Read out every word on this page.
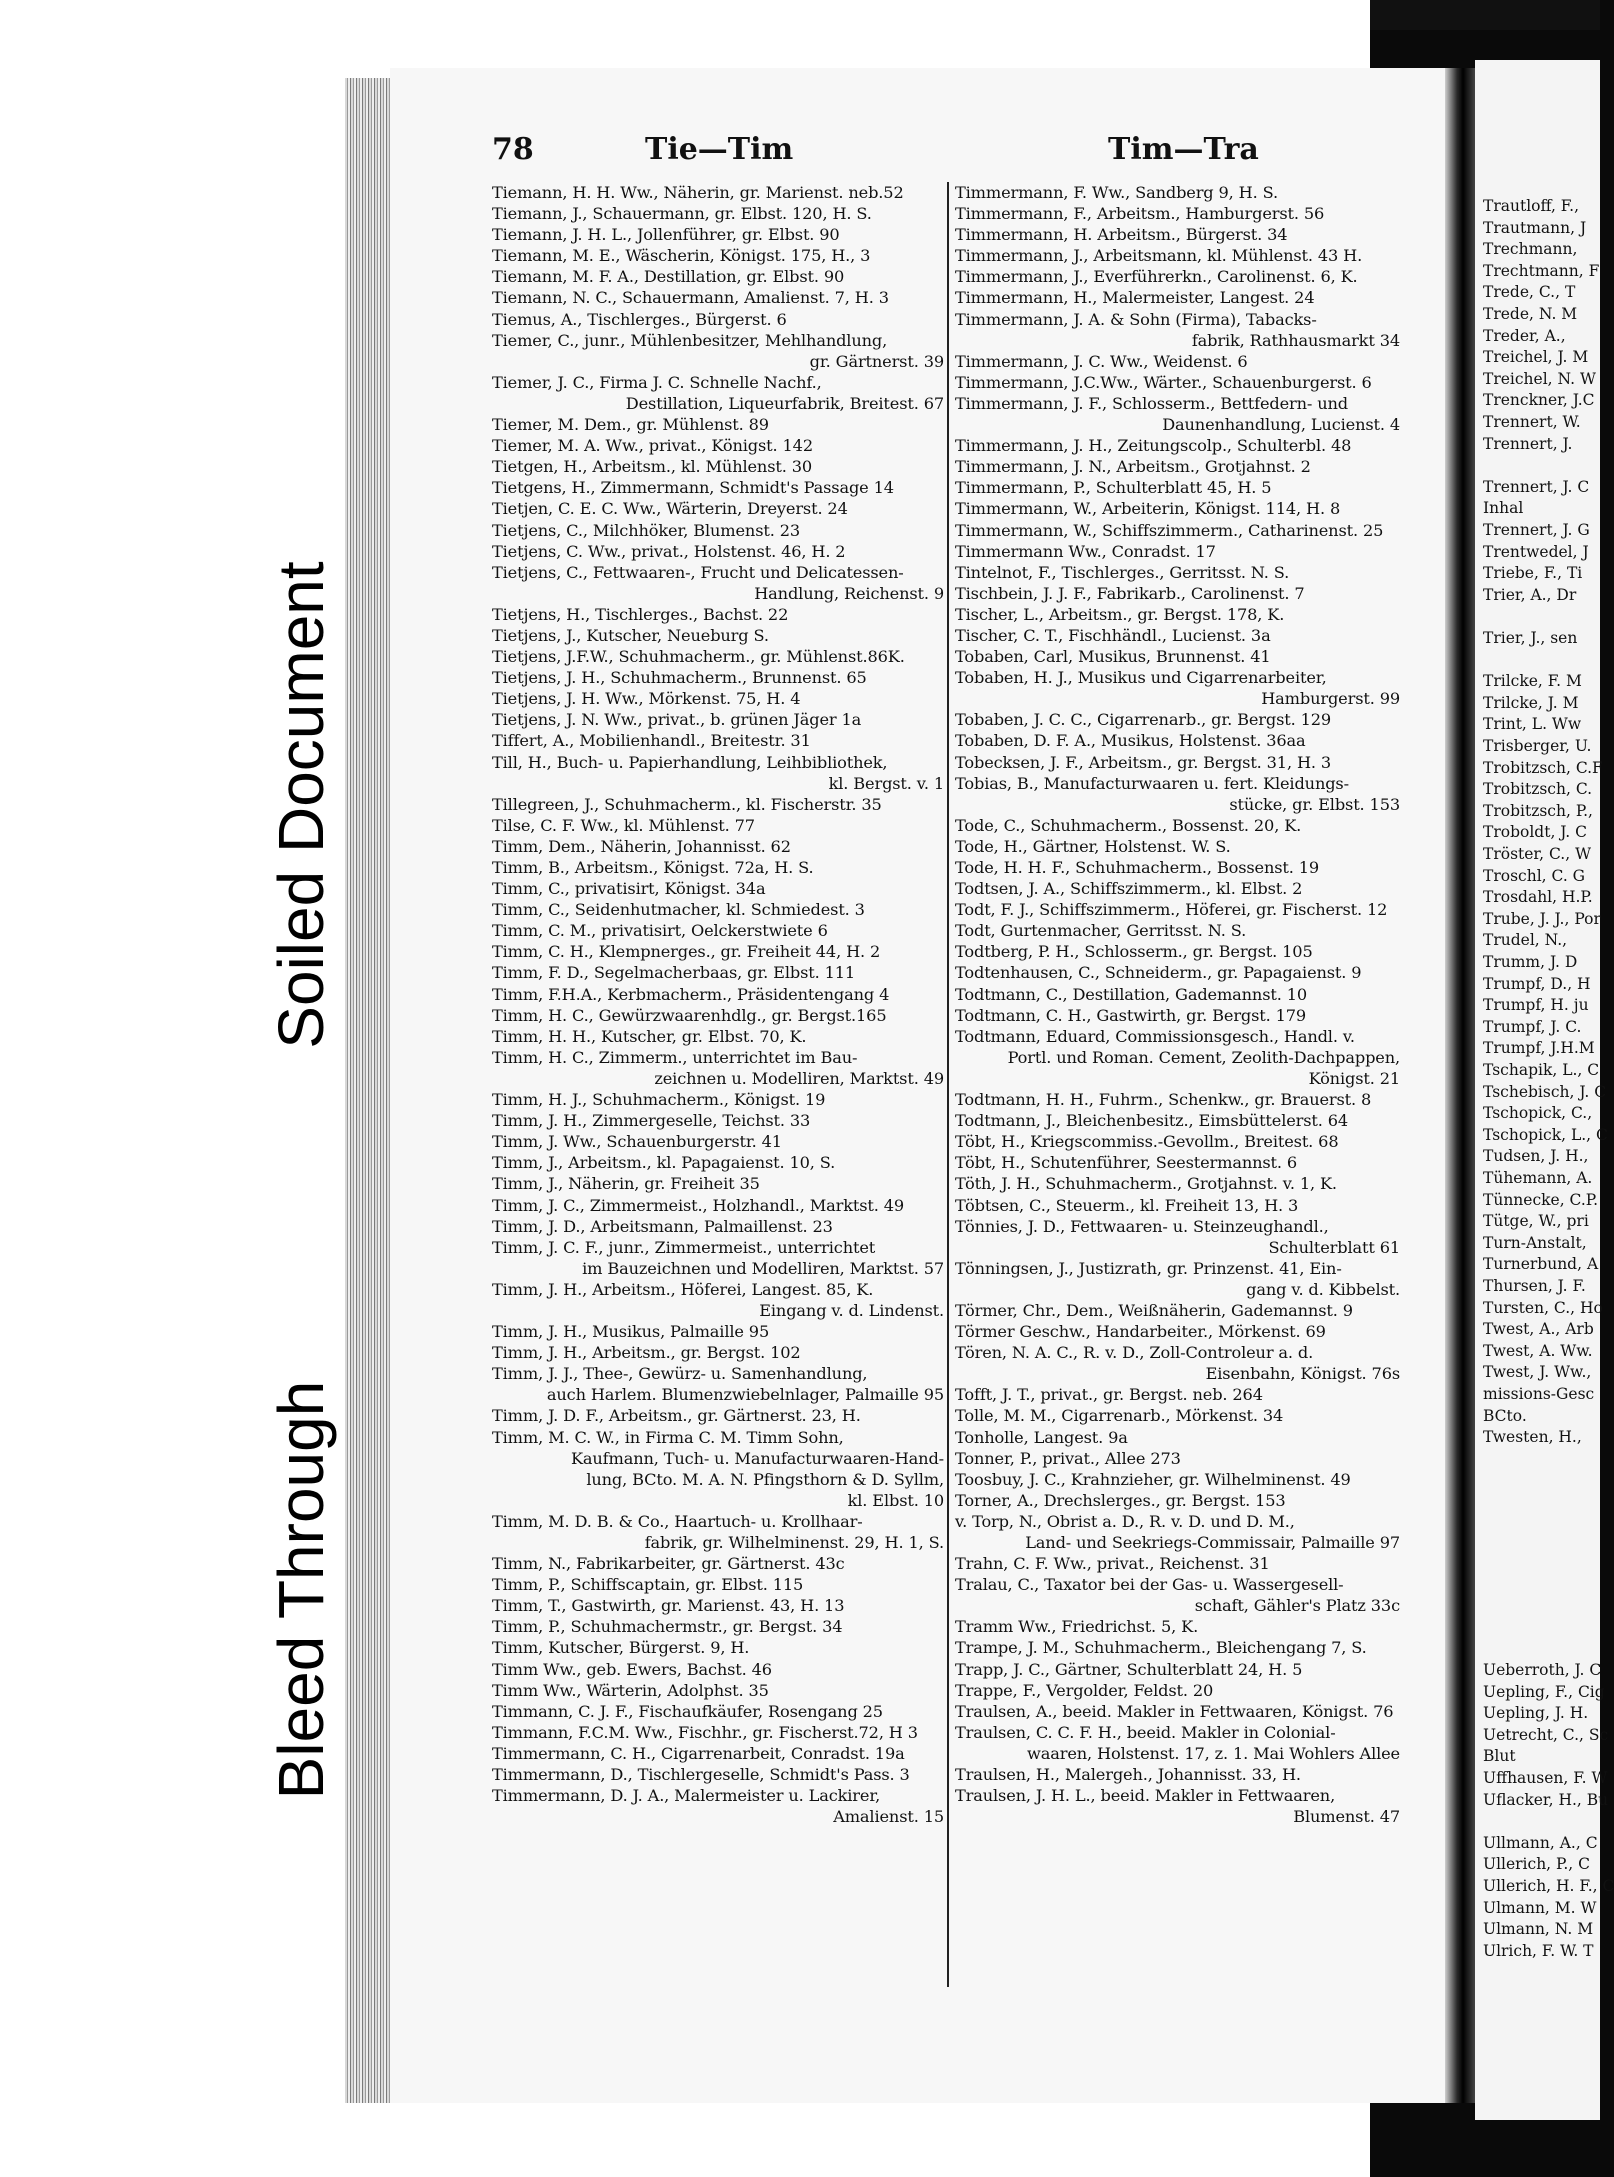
Soiled Document
Bleed Through
Trautloff, F.,
Trautmann, J
Trechmann,
Trechtmann, F
Trede, C., T
Trede, N. M
Treder, A.,
Treichel, J. M
Treichel, N. W
Trenckner, J.C
Trennert, W.
Trennert, J.
Trennert, J. C
Inhal
Trennert, J. G
Trentwedel, J
Triebe, F., Ti
Trier, A., Dr
Trier, J., sen
Trilcke, F. M
Trilcke, J. M
Trint, L. Ww
Trisberger, U.
Trobitzsch, C.F
Trobitzsch, C.
Trobitzsch, P.,
Troboldt, J. C
Tröster, C., W
Troschl, C. G
Trosdahl, H.P.
Trube, J. J., Por
Trudel, N.,
Trumm, J. D
Trumpf, D., H
Trumpf, H. ju
Trumpf, J. C.
Trumpf, J.H.M
Tschapik, L., C
Tschebisch, J. C
Tschopick, C.,
Tschopick, L., C
Tudsen, J. H.,
Tühemann, A.
Tünnecke, C.P.
Tütge, W., pri
Turn-Anstalt,
Turnerbund, A
Thursen, J. F.
Tursten, C., Ho
Twest, A., Arb
Twest, A. Ww.
Twest, J. Ww.,
missions-Gesc
BCto.
Twesten, H.,
Ueberroth, J. C
Uepling, F., Cig
Uepling, J. H.
Uetrecht, C., Sc
Blut
Uffhausen, F. W
Uflacker, H., Bu
Ullmann, A., C
Ullerich, P., C
Ullerich, H. F., C
Ulmann, M. W
Ulmann, N. M
Ulrich, F. W. T
78	Tie—Tim	Tim—Tra
Tiemann, H. H. Ww., Näherin, gr. Marienst. neb.52
Tiemann, J., Schauermann, gr. Elbst. 120, H. S.
Tiemann, J. H. L., Jollenführer, gr. Elbst. 90
Tiemann, M. E., Wäscherin, Königst. 175, H., 3
Tiemann, M. F. A., Destillation, gr. Elbst. 90
Tiemann, N. C., Schauermann, Amalienst. 7, H. 3
Tiemus, A., Tischlerges., Bürgerst. 6
Tiemer, C., junr., Mühlenbesitzer, Mehlhandlung,
gr. Gärtnerst. 39
Tiemer, J. C., Firma J. C. Schnelle Nachf.,
Destillation, Liqueurfabrik, Breitest. 67
Tiemer, M. Dem., gr. Mühlenst. 89
Tiemer, M. A. Ww., privat., Königst. 142
Tietgen, H., Arbeitsm., kl. Mühlenst. 30
Tietgens, H., Zimmermann, Schmidt's Passage 14
Tietjen, C. E. C. Ww., Wärterin, Dreyerst. 24
Tietjens, C., Milchhöker, Blumenst. 23
Tietjens, C. Ww., privat., Holstenst. 46, H. 2
Tietjens, C., Fettwaaren-, Frucht und Delicatessen-
Handlung, Reichenst. 9
Tietjens, H., Tischlerges., Bachst. 22
Tietjens, J., Kutscher, Neueburg S.
Tietjens, J.F.W., Schuhmacherm., gr. Mühlenst.86K.
Tietjens, J. H., Schuhmacherm., Brunnenst. 65
Tietjens, J. H. Ww., Mörkenst. 75, H. 4
Tietjens, J. N. Ww., privat., b. grünen Jäger 1a
Tiffert, A., Mobilienhandl., Breitestr. 31
Till, H., Buch- u. Papierhandlung, Leihbibliothek,
kl. Bergst. v. 1
Tillegreen, J., Schuhmacherm., kl. Fischerstr. 35
Tilse, C. F. Ww., kl. Mühlenst. 77
Timm, Dem., Näherin, Johannisst. 62
Timm, B., Arbeitsm., Königst. 72a, H. S.
Timm, C., privatisirt, Königst. 34a
Timm, C., Seidenhutmacher, kl. Schmiedest. 3
Timm, C. M., privatisirt, Oelckerstwiete 6
Timm, C. H., Klempnerges., gr. Freiheit 44, H. 2
Timm, F. D., Segelmacherbaas, gr. Elbst. 111
Timm, F.H.A., Kerbmacherm., Präsidentengang 4
Timm, H. C., Gewürzwaarenhdlg., gr. Bergst.165
Timm, H. H., Kutscher, gr. Elbst. 70, K.
Timm, H. C., Zimmerm., unterrichtet im Bau-
zeichnen u. Modelliren, Marktst. 49
Timm, H. J., Schuhmacherm., Königst. 19
Timm, J. H., Zimmergeselle, Teichst. 33
Timm, J. Ww., Schauenburgerstr. 41
Timm, J., Arbeitsm., kl. Papagaienst. 10, S.
Timm, J., Näherin, gr. Freiheit 35
Timm, J. C., Zimmermeist., Holzhandl., Marktst. 49
Timm, J. D., Arbeitsmann, Palmaillenst. 23
Timm, J. C. F., junr., Zimmermeist., unterrichtet
im Bauzeichnen und Modelliren, Marktst. 57
Timm, J. H., Arbeitsm., Höferei, Langest. 85, K.
Eingang v. d. Lindenst.
Timm, J. H., Musikus, Palmaille 95
Timm, J. H., Arbeitsm., gr. Bergst. 102
Timm, J. J., Thee-, Gewürz- u. Samenhandlung,
auch Harlem. Blumenzwiebelnlager, Palmaille 95
Timm, J. D. F., Arbeitsm., gr. Gärtnerst. 23, H.
Timm, M. C. W., in Firma C. M. Timm Sohn,
Kaufmann, Tuch- u. Manufacturwaaren-Hand-
lung, BCto. M. A. N. Pfingsthorn & D. Syllm,
kl. Elbst. 10
Timm, M. D. B. & Co., Haartuch- u. Krollhaar-
fabrik, gr. Wilhelminenst. 29, H. 1, S.
Timm, N., Fabrikarbeiter, gr. Gärtnerst. 43c
Timm, P., Schiffscaptain, gr. Elbst. 115
Timm, T., Gastwirth, gr. Marienst. 43, H. 13
Timm, P., Schuhmachermstr., gr. Bergst. 34
Timm, Kutscher, Bürgerst. 9, H.
Timm Ww., geb. Ewers, Bachst. 46
Timm Ww., Wärterin, Adolphst. 35
Timmann, C. J. F., Fischaufkäufer, Rosengang 25
Timmann, F.C.M. Ww., Fischhr., gr. Fischerst.72, H 3
Timmermann, C. H., Cigarrenarbeit, Conradst. 19a
Timmermann, D., Tischlergeselle, Schmidt's Pass. 3
Timmermann, D. J. A., Malermeister u. Lackirer,
Amalienst. 15
Timmermann, F. Ww., Sandberg 9, H. S.
Timmermann, F., Arbeitsm., Hamburgerst. 56
Timmermann, H. Arbeitsm., Bürgerst. 34
Timmermann, J., Arbeitsmann, kl. Mühlenst. 43 H.
Timmermann, J., Everführerkn., Carolinenst. 6, K.
Timmermann, H., Malermeister, Langest. 24
Timmermann, J. A. & Sohn (Firma), Tabacks-
fabrik, Rathhausmarkt 34
Timmermann, J. C. Ww., Weidenst. 6
Timmermann, J.C.Ww., Wärter., Schauenburgerst. 6
Timmermann, J. F., Schlosserm., Bettfedern- und
Daunenhandlung, Lucienst. 4
Timmermann, J. H., Zeitungscolp., Schulterbl. 48
Timmermann, J. N., Arbeitsm., Grotjahnst. 2
Timmermann, P., Schulterblatt 45, H. 5
Timmermann, W., Arbeiterin, Königst. 114, H. 8
Timmermann, W., Schiffszimmerm., Catharinenst. 25
Timmermann Ww., Conradst. 17
Tintelnot, F., Tischlerges., Gerritsst. N. S.
Tischbein, J. J. F., Fabrikarb., Carolinenst. 7
Tischer, L., Arbeitsm., gr. Bergst. 178, K.
Tischer, C. T., Fischhändl., Lucienst. 3a
Tobaben, Carl, Musikus, Brunnenst. 41
Tobaben, H. J., Musikus und Cigarrenarbeiter,
Hamburgerst. 99
Tobaben, J. C. C., Cigarrenarb., gr. Bergst. 129
Tobaben, D. F. A., Musikus, Holstenst. 36aa
Tobecksen, J. F., Arbeitsm., gr. Bergst. 31, H. 3
Tobias, B., Manufacturwaaren u. fert. Kleidungs-
stücke, gr. Elbst. 153
Tode, C., Schuhmacherm., Bossenst. 20, K.
Tode, H., Gärtner, Holstenst. W. S.
Tode, H. H. F., Schuhmacherm., Bossenst. 19
Todtsen, J. A., Schiffszimmerm., kl. Elbst. 2
Todt, F. J., Schiffszimmerm., Höferei, gr. Fischerst. 12
Todt, Gurtenmacher, Gerritsst. N. S.
Todtberg, P. H., Schlosserm., gr. Bergst. 105
Todtenhausen, C., Schneiderm., gr. Papagaienst. 9
Todtmann, C., Destillation, Gademannst. 10
Todtmann, C. H., Gastwirth, gr. Bergst. 179
Todtmann, Eduard, Commissionsgesch., Handl. v.
Portl. und Roman. Cement, Zeolith-Dachpappen,
Königst. 21
Todtmann, H. H., Fuhrm., Schenkw., gr. Brauerst. 8
Todtmann, J., Bleichenbesitz., Eimsbüttelerst. 64
Töbt, H., Kriegscommiss.-Gevollm., Breitest. 68
Töbt, H., Schutenführer, Seestermannst. 6
Töth, J. H., Schuhmacherm., Grotjahnst. v. 1, K.
Töbtsen, C., Steuerm., kl. Freiheit 13, H. 3
Tönnies, J. D., Fettwaaren- u. Steinzeughandl.,
Schulterblatt 61
Tönningsen, J., Justizrath, gr. Prinzenst. 41, Ein-
gang v. d. Kibbelst.
Törmer, Chr., Dem., Weißnäherin, Gademannst. 9
Törmer Geschw., Handarbeiter., Mörkenst. 69
Tören, N. A. C., R. v. D., Zoll-Controleur a. d.
Eisenbahn, Königst. 76s
Tofft, J. T., privat., gr. Bergst. neb. 264
Tolle, M. M., Cigarrenarb., Mörkenst. 34
Tonholle, Langest. 9a
Tonner, P., privat., Allee 273
Toosbuy, J. C., Krahnzieher, gr. Wilhelminenst. 49
Torner, A., Drechslerges., gr. Bergst. 153
v. Torp, N., Obrist a. D., R. v. D. und D. M.,
Land- und Seekriegs-Commissair, Palmaille 97
Trahn, C. F. Ww., privat., Reichenst. 31
Tralau, C., Taxator bei der Gas- u. Wassergesell-
schaft, Gähler's Platz 33c
Tramm Ww., Friedrichst. 5, K.
Trampe, J. M., Schuhmacherm., Bleichengang 7, S.
Trapp, J. C., Gärtner, Schulterblatt 24, H. 5
Trappe, F., Vergolder, Feldst. 20
Traulsen, A., beeid. Makler in Fettwaaren, Königst. 76
Traulsen, C. C. F. H., beeid. Makler in Colonial-
waaren, Holstenst. 17, z. 1. Mai Wohlers Allee
Traulsen, H., Malergeh., Johannisst. 33, H.
Traulsen, J. H. L., beeid. Makler in Fettwaaren,
Blumenst. 47
